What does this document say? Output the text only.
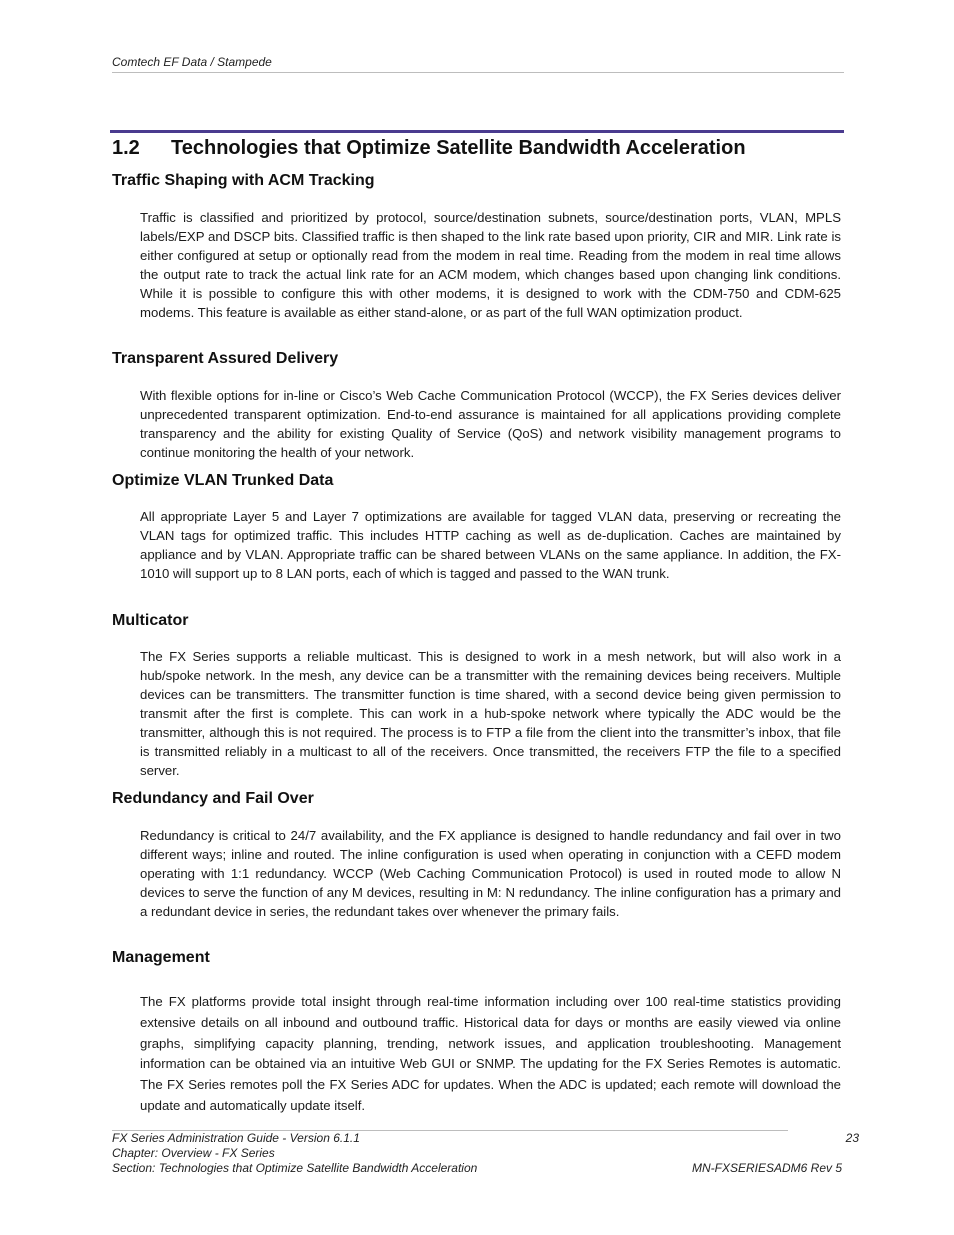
Comtech EF Data / Stampede
1.2 Technologies that Optimize Satellite Bandwidth Acceleration
Traffic Shaping with ACM Tracking

Traffic is classified and prioritized by protocol, source/destination subnets, source/destination ports, VLAN, MPLS labels/EXP and DSCP bits. Classified traffic is then shaped to the link rate based upon priority, CIR and MIR. Link rate is either configured at setup or optionally read from the modem in real time. Reading from the modem in real time allows the output rate to track the actual link rate for an ACM modem, which changes based upon changing link conditions. While it is possible to configure this with other modems, it is designed to work with the CDM-750 and CDM-625 modems. This feature is available as either stand-alone, or as part of the full WAN optimization product.

Transparent Assured Delivery

With flexible options for in-line or Cisco’s Web Cache Communication Protocol (WCCP), the FX Series devices deliver unprecedented transparent optimization. End-to-end assurance is maintained for all applications providing complete transparency and the ability for existing Quality of Service (QoS) and network visibility management programs to continue monitoring the health of your network.

Optimize VLAN Trunked Data

All appropriate Layer 5 and Layer 7 optimizations are available for tagged VLAN data, preserving or recreating the VLAN tags for optimized traffic. This includes HTTP caching as well as de-duplication. Caches are maintained by appliance and by VLAN. Appropriate traffic can be shared between VLANs on the same appliance. In addition, the FX-1010 will support up to 8 LAN ports, each of which is tagged and passed to the WAN trunk.

Multicator

The FX Series supports a reliable multicast. This is designed to work in a mesh network, but will also work in a hub/spoke network. In the mesh, any device can be a transmitter with the remaining devices being receivers. Multiple devices can be transmitters. The transmitter function is time shared, with a second device being given permission to transmit after the first is complete. This can work in a hub-spoke network where typically the ADC would be the transmitter, although this is not required. The process is to FTP a file from the client into the transmitter’s inbox, that file is transmitted reliably in a multicast to all of the receivers. Once transmitted, the receivers FTP the file to a specified server.

Redundancy and Fail Over

Redundancy is critical to 24/7 availability, and the FX appliance is designed to handle redundancy and fail over in two different ways; inline and routed. The inline configuration is used when operating in conjunction with a CEFD modem operating with 1:1 redundancy. WCCP (Web Caching Communication Protocol) is used in routed mode to allow N devices to serve the function of any M devices, resulting in M: N redundancy. The inline configuration has a primary and a redundant device in series, the redundant takes over whenever the primary fails.

Management

The FX platforms provide total insight through real-time information including over 100 real-time statistics providing extensive details on all inbound and outbound traffic. Historical data for days or months are easily viewed via online graphs, simplifying capacity planning, trending, network issues, and application troubleshooting. Management information can be obtained via an intuitive Web GUI or SNMP. The updating for the FX Series Remotes is automatic. The FX Series remotes poll the FX Series ADC for updates. When the ADC is updated; each remote will download the update and automatically update itself.

FX Series Administration Guide - Version 6.1.1
Chapter: Overview - FX Series
Section: Technologies that Optimize Satellite Bandwidth Acceleration
23
MN-FXSERIESADM6 Rev 5
